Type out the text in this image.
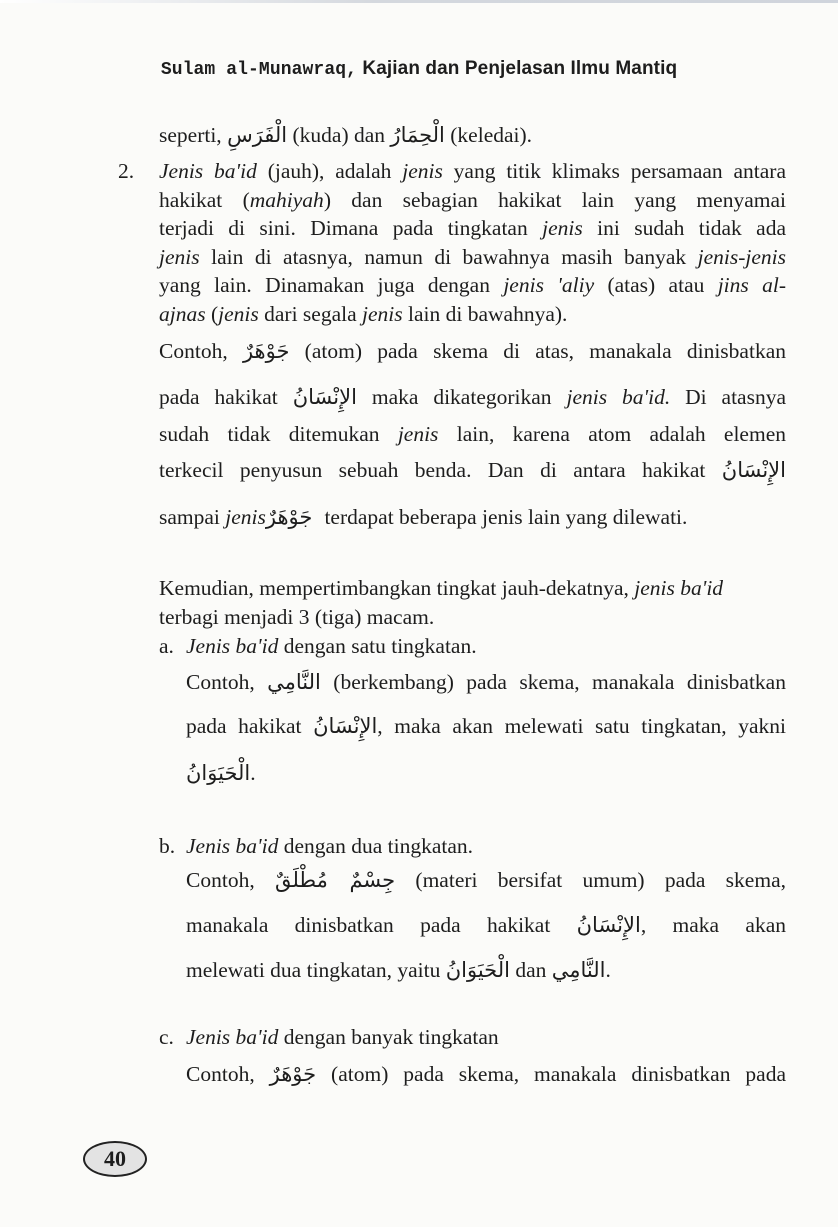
Sulam al-Munawraq, Kajian dan Penjelasan Ilmu Mantiq
seperti, الْفَرَسِ (kuda) dan الْحِمَارُ (keledai).
2. Jenis ba'id (jauh), adalah jenis yang titik klimaks persamaan antara
hakikat (mahiyah) dan sebagian hakikat lain yang menyamai
terjadi di sini. Dimana pada tingkatan jenis ini sudah tidak ada
jenis lain di atasnya, namun di bawahnya masih banyak jenis-jenis
yang lain. Dinamakan juga dengan jenis 'aliy (atas) atau jins al-
ajnas (jenis dari segala jenis lain di bawahnya).
Contoh, جَوْهَرٌ (atom) pada skema di atas, manakala dinisbatkan
pada hakikat الإِنْسَانُ maka dikategorikan jenis ba'id. Di atasnya
sudah tidak ditemukan jenis lain, karena atom adalah elemen
terkecil penyusun sebuah benda. Dan di antara hakikat الإِنْسَانُ
sampai jenis جَوْهَرٌ terdapat beberapa jenis lain yang dilewati.
Kemudian, mempertimbangkan tingkat jauh-dekatnya, jenis ba'id
terbagi menjadi 3 (tiga) macam.
a. Jenis ba'id dengan satu tingkatan.
Contoh, النَّامِي (berkembang) pada skema, manakala dinisbatkan
pada hakikat الإِنْسَانُ, maka akan melewati satu tingkatan, yakni
الْحَيَوَانُ.
b. Jenis ba'id dengan dua tingkatan.
Contoh, جِسْمٌ مُطْلَقٌ (materi bersifat umum) pada skema,
manakala dinisbatkan pada hakikat الإِنْسَانُ, maka akan
melewati dua tingkatan, yaitu الْحَيَوَانُ dan النَّامِي.
c. Jenis ba'id dengan banyak tingkatan
Contoh, جَوْهَرٌ (atom) pada skema, manakala dinisbatkan pada
40
